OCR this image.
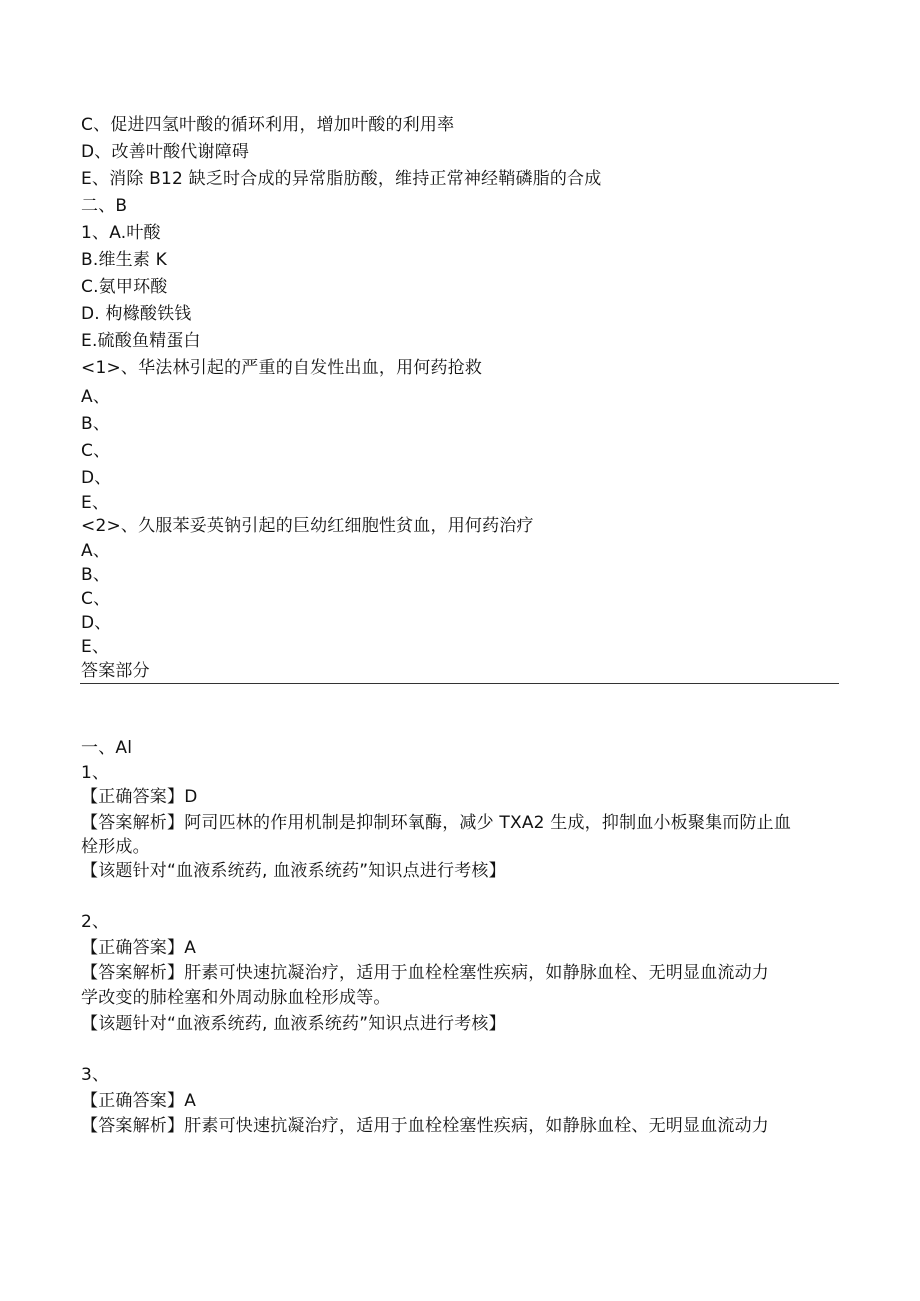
C、促进四氢叶酸的循环利用，增加叶酸的利用率
D、改善叶酸代谢障碍
E、消除 B12 缺乏时合成的异常脂肪酸，维持正常神经鞘磷脂的合成
二、B
1、A.叶酸
B.维生素 K
C.氨甲环酸
D. 枸橼酸铁钱
E.硫酸鱼精蛋白
<1>、华法林引起的严重的自发性出血，用何药抢救
A、
B、
C、
D、
E、
<2>、久服苯妥英钠引起的巨幼红细胞性贫血，用何药治疗
A、
B、
C、
D、
E、
答案部分
一、Al
1、
【正确答案】D
【答案解析】阿司匹林的作用机制是抑制环氧酶，减少 TXA2 生成，抑制血小板聚集而防止血
栓形成。
【该题针对“血液系统药, 血液系统药”知识点进行考核】
2、
【正确答案】A
【答案解析】肝素可快速抗凝治疗，适用于血栓栓塞性疾病，如静脉血栓、无明显血流动力
学改变的肺栓塞和外周动脉血栓形成等。
【该题针对“血液系统药, 血液系统药”知识点进行考核】
3、
【正确答案】A
【答案解析】肝素可快速抗凝治疗，适用于血栓栓塞性疾病，如静脉血栓、无明显血流动力
